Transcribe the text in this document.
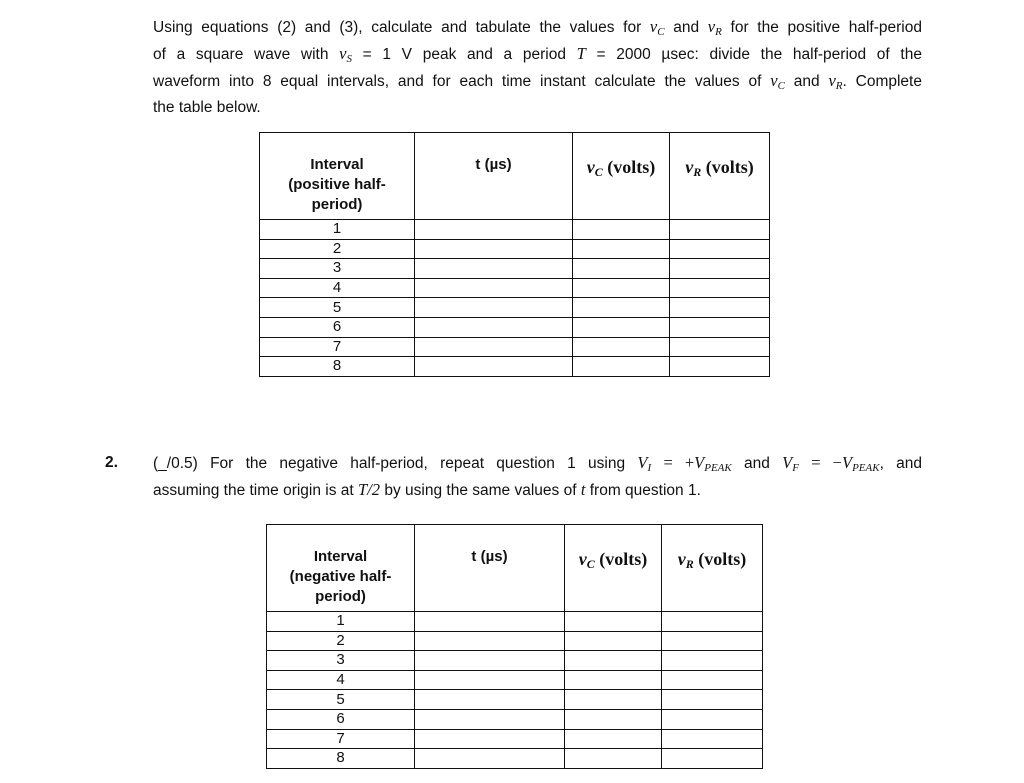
Using equations (2) and (3), calculate and tabulate the values for $v_C$ and $v_R$ for the positive half-period
of a square wave with $v_S = 1$ V peak and a period T = 2000 µsec: divide the half-period of the
waveform into 8 equal intervals, and for each time instant calculate the values of $v_C$ and $v_R$. Complete
the table below.
Interval
(positive half-
period)	t (µs)	$v_C$ (volts)	$v_R$ (volts)
1			
2			
3			
4			
5			
6			
7			
8			
2. (_/0.5) For the negative half-period, repeat question 1 using $V_I = +V_{PEAK}$ and $V_F = -V_{PEAK}$, and
assuming the time origin is at T/2 by using the same values of t from question 1.
Interval
(negative half-
period)	t (µs)	$v_C$ (volts)	$v_R$ (volts)
1			
2			
3			
4			
5			
6			
7			
8			
